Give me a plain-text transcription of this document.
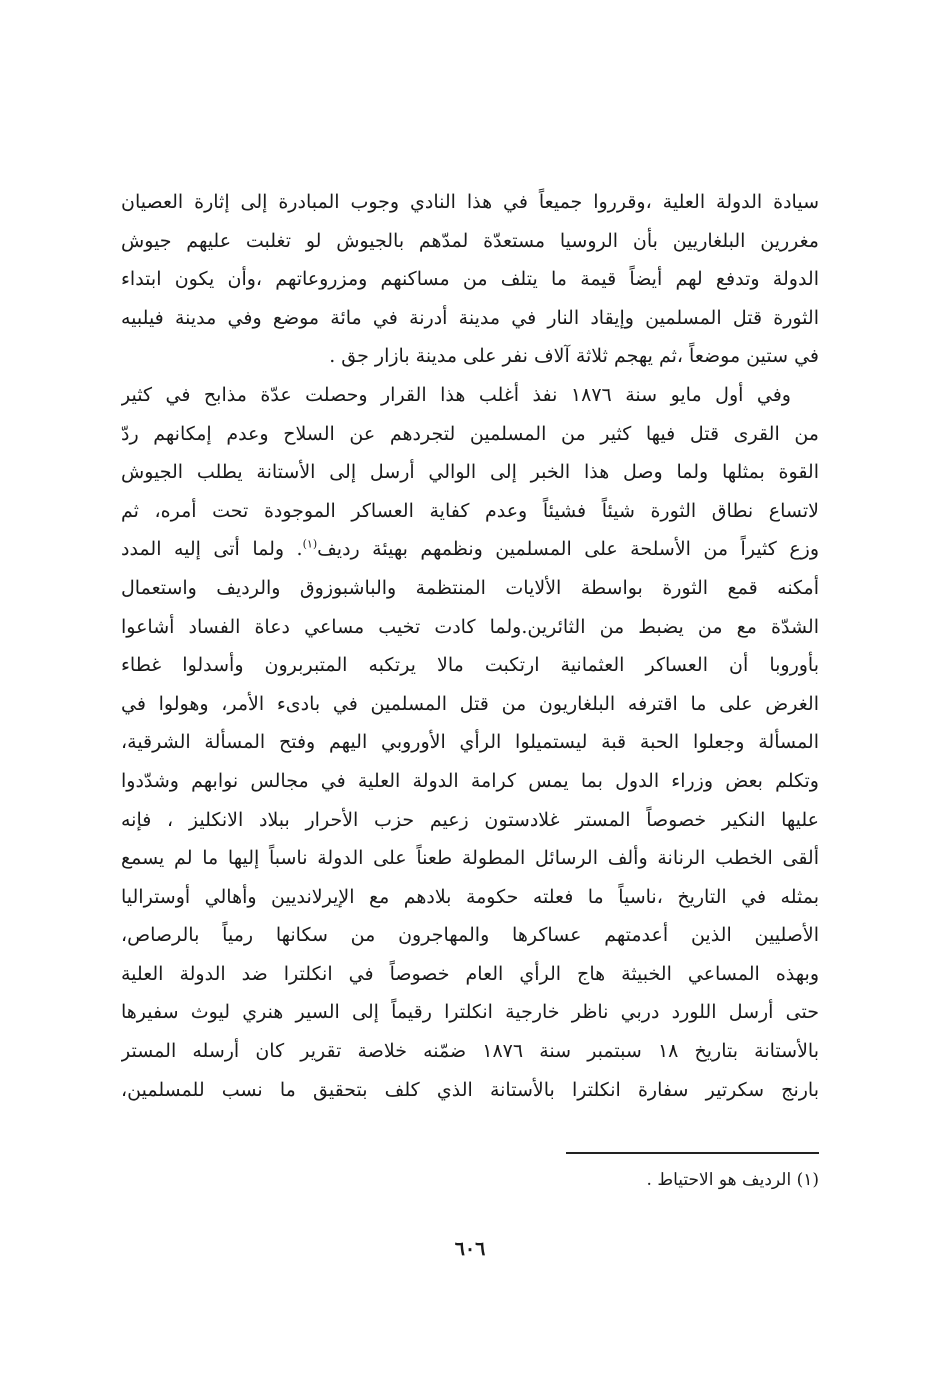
سيادة الدولة العلية ،وقرروا جميعاً في هذا النادي وجوب المبادرة إلى إثارة العصيان
مغررين البلغاريين بأن الروسيا مستعدّة لمدّهم بالجيوش لو تغلبت عليهم جيوش
الدولة وتدفع لهم أيضاً قيمة ما يتلف من مساكنهم ومزروعاتهم ،وأن يكون ابتداء
الثورة قتل المسلمين وإيقاد النار في مدينة أدرنة في مائة موضع وفي مدينة فيلبيه
في ستين موضعاً ،ثم يهجم ثلاثة آلاف نفر على مدينة بازار جق .
وفي أول مايو سنة ١٨٧٦ نفذ أغلب هذا القرار وحصلت عدّة مذابح في كثير
من القرى قتل فيها كثير من المسلمين لتجردهم عن السلاح وعدم إمكانهم ردّ
القوة بمثلها ولما وصل هذا الخبر إلى الوالي أرسل إلى الأستانة يطلب الجيوش
لاتساع نطاق الثورة شيئاً فشيئاً وعدم كفاية العساكر الموجودة تحت أمره، ثم
وزع كثيراً من الأسلحة على المسلمين ونظمهم بهيئة رديف$^{(١)}$. ولما أتى إليه المدد
أمكنه قمع الثورة بواسطة الألايات المنتظمة والباشبوزوق والرديف واستعمال
الشدّة مع من يضبط من الثائرين.ولما كادت تخيب مساعي دعاة الفساد أشاعوا
بأوروبا أن العساكر العثمانية ارتكبت مالا يرتكبه المتبربرون وأسدلوا غطاء
الغرض على ما اقترفه البلغاريون من قتل المسلمين في بادىء الأمر، وهولوا في
المسألة وجعلوا الحبة قبة ليستميلوا الرأي الأوروبي اليهم وفتح المسألة الشرقية،
وتكلم بعض وزراء الدول بما يمس كرامة الدولة العلية في مجالس نوابهم وشدّدوا
عليها النكير خصوصاً المستر غلادستون زعيم حزب الأحرار ببلاد الانكليز ، فإنه
ألقى الخطب الرنانة وألف الرسائل المطولة طعناً على الدولة ناسباً إليها ما لم يسمع
بمثله في التاريخ ،ناسياً ما فعلته حكومة بلادهم مع الإيرلانديين وأهالي أوسترالیا
الأصليين الذين أعدمتهم عساكرها والمهاجرون من سكانها رمياً بالرصاص،
وبهذه المساعي الخبيثة هاج الرأي العام خصوصاً في انكلترا ضد الدولة العلية
حتى أرسل اللورد دربي ناظر خارجية انكلترا رقيماً إلى السير هنري ليوث سفيرها
بالأستانة بتاريخ ١٨ سبتمبر سنة ١٨٧٦ ضمّنه خلاصة تقرير كان أرسله المستر
بارنج سكرتير سفارة انكلترا بالأستانة الذي كلف بتحقيق ما نسب للمسلمين،
(١) الرديف هو الاحتياط .
٦٠٦
